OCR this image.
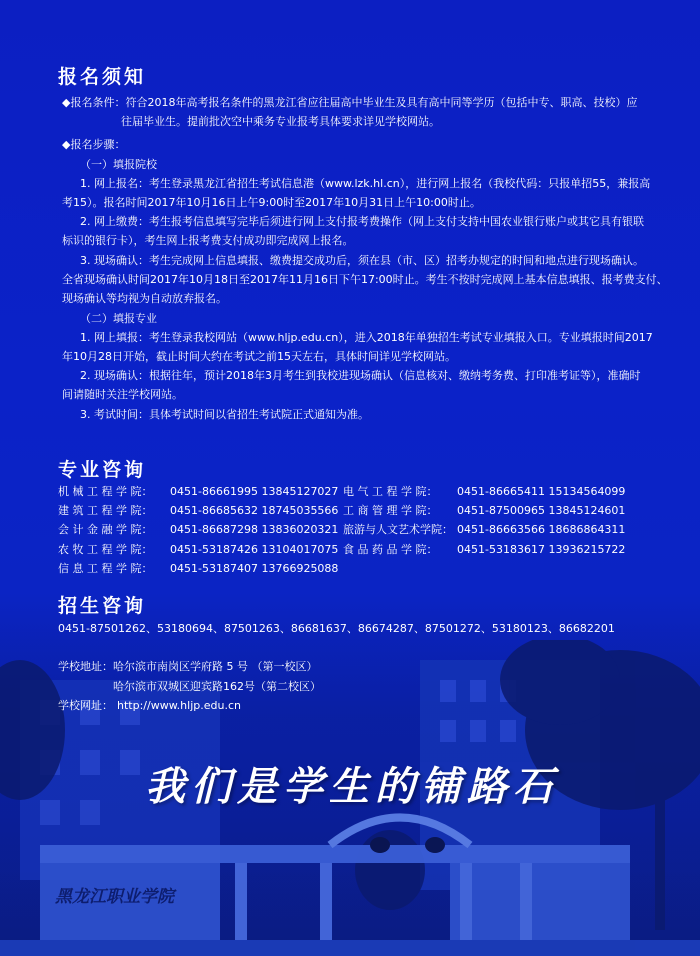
黑龙江职业学院
报名须知
◆报名条件：符合2018年高考报名条件的黑龙江省应往届高中毕业生及具有高中同等学历（包括中专、职高、技校）应
往届毕业生。提前批次空中乘务专业报考具体要求详见学校网站。
◆报名步骤：
（一）填报院校
1. 网上报名：考生登录黑龙江省招生考试信息港（www.lzk.hl.cn），进行网上报名（我校代码：只报单招55，兼报高
考15）。报名时间2017年10月16日上午9:00时至2017年10月31日上午10:00时止。
2. 网上缴费：考生报考信息填写完毕后须进行网上支付报考费操作（网上支付支持中国农业银行账户或其它具有银联
标识的银行卡），考生网上报考费支付成功即完成网上报名。
3. 现场确认：考生完成网上信息填报、缴费提交成功后，须在县（市、区）招考办规定的时间和地点进行现场确认。
全省现场确认时间2017年10月18日至2017年11月16日下午17:00时止。考生不按时完成网上基本信息填报、报考费支付、
现场确认等均视为自动放弃报名。
（二）填报专业
1. 网上填报：考生登录我校网站（www.hljp.edu.cn），进入2018年单独招生考试专业填报入口。专业填报时间2017
年10月28日开始，截止时间大约在考试之前15天左右，具体时间详见学校网站。
2. 现场确认：根据往年，预计2018年3月考生到我校进现场确认（信息核对、缴纳考务费、打印准考证等），准确时
间请随时关注学校网站。
3. 考试时间：具体考试时间以省招生考试院正式通知为准。
专业咨询
机 械 工 程 学 院： 0451-86661995 13845127027 电 气 工 程 学 院： 0451-86665411 15134564099
建 筑 工 程 学 院： 0451-86685632 18745035566 工 商 管 理 学 院： 0451-87500965 13845124601
会 计 金 融 学 院： 0451-86687298 13836020321 旅游与人文艺术学院： 0451-86663566 18686864311
农 牧 工 程 学 院： 0451-53187426 13104017075 食 品 药 品 学 院： 0451-53183617 13936215722
信 息 工 程 学 院： 0451-53187407 13766925088
招生咨询
0451-87501262、53180694、87501263、86681637、86674287、87501272、53180123、86682201
学校地址： 哈尔滨市南岗区学府路 5 号 （第一校区）
哈尔滨市双城区迎宾路162号（第二校区）
学校网址： http://www.hljp.edu.cn
我们是学生的铺路石
